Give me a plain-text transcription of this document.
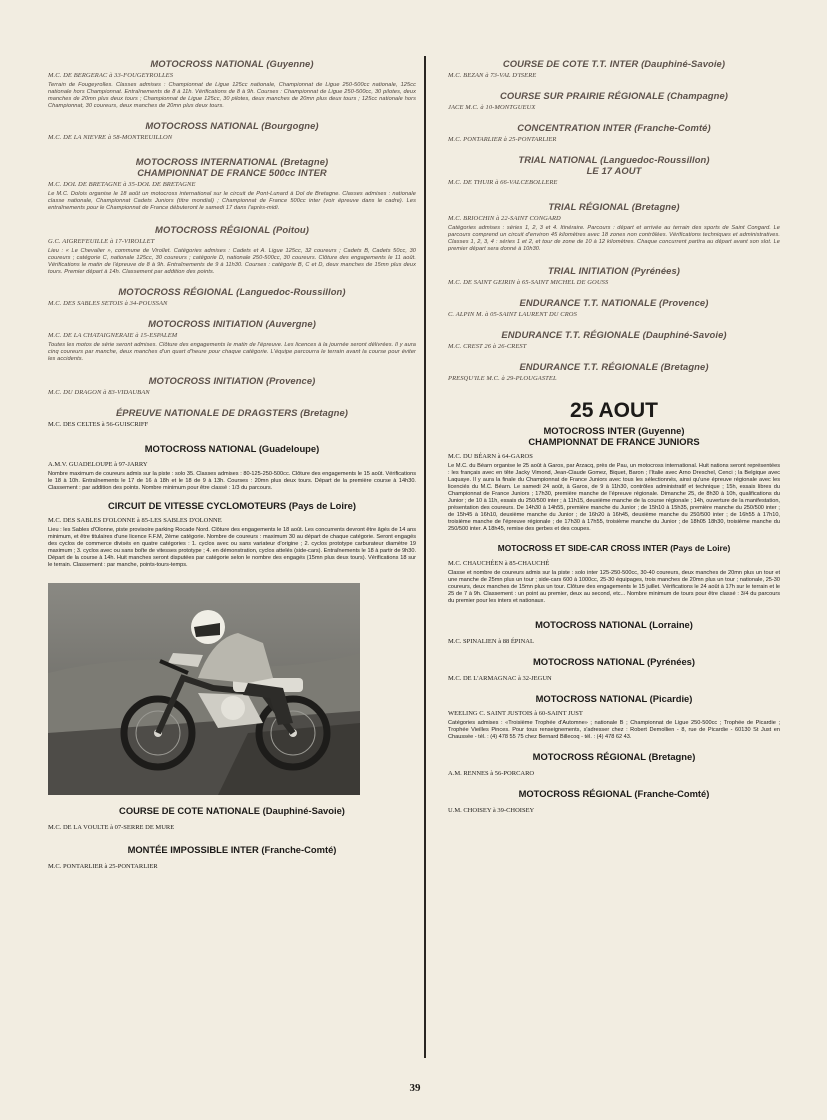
MOTOCROSS NATIONAL (Guyenne)

M.C. DE BERGERAC à 33-FOUGEYROLLES

Terrain de Fougeyrolles. Classes admises : Championnat de Ligue 125cc nationale, Championnat de Ligue 250-500cc nationale, 125cc nationale hors Championnat. Entraînements de 8 à 11h. Vérifications de 8 à 9h. Courses : Championnat de Ligue 250-500cc, 30 pilotes, deux manches de 20mn plus deux tours ; Championnat de Ligue 125cc, 30 pilotes, deux manches de 20mn plus deux tours ; 125cc nationale hors Championnat, 30 coureurs, deux manches de 20mn plus deux tours.

MOTOCROSS NATIONAL (Bourgogne)

M.C. DE LA NIEVRE à 58-MONTREUILLON

MOTOCROSS INTERNATIONAL (Bretagne)

CHAMPIONNAT DE FRANCE 500cc INTER

M.C. DOL DE BRETAGNE à 35-DOL DE BRETAGNE

Le M.C. Dolois organise le 18 août un motocross international sur le circuit de Pont-Lunard à Dol de Bretagne. Classes admises : nationale classe nationale, Championnat Cadets Juniors (titre mondial) ; Championnat de France 500cc inter (voir épreuve dans le cadre). Les entraînements pour le Championnat de France débuteront le samedi 17 dans l'après-midi.

MOTOCROSS RÉGIONAL (Poitou)

G.C. AIGREFEUILLE à 17-VIROLLET

Lieu : « Le Chevalier », commune de Virollet. Catégories admises : Cadets et A. Ligue 125cc, 32 coureurs ; Cadets B, Cadets 50cc, 30 coureurs ; catégorie C, nationale 125cc, 30 coureurs ; catégorie D, nationale 250-500cc, 30 coureurs. Clôture des engagements le 11 août. Vérifications le matin de l'épreuve de 8 à 9h. Entraînements de 9 à 11h30. Courses : catégorie B, C et D, deux manches de 15mn plus deux tours. Premier départ à 14h. Classement par addition des points.

MOTOCROSS RÉGIONAL (Languedoc-Roussillon)

M.C. DES SABLES SETOIS à 34-POUSSAN

MOTOCROSS INITIATION (Auvergne)

M.C. DE LA CHATAIGNERAIE à 15-ESPALEM

Toutes les motos de série seront admises. Clôture des engagements le matin de l'épreuve. Les licences à la journée seront délivrées. Il y aura cinq coureurs par manche, deux manches d'un quart d'heure pour chaque catégorie. L'équipe parcourra le terrain avant la course pour éviter les accidents.

MOTOCROSS INITIATION (Provence)

M.C. DU DRAGON à 83-VIDAUBAN

ÉPREUVE NATIONALE DE DRAGSTERS (Bretagne)

M.C. DES CELTES à 56-GUISCRIFF

MOTOCROSS NATIONAL (Guadeloupe)

A.M.V. GUADELOUPE à 97-JARRY

Nombre maximum de coureurs admis sur la piste : solo 35. Classes admises : 80-125-250-500cc. Clôture des engagements le 15 août. Vérifications le 18 à 10h. Entraînements le 17 de 16 à 18h et le 18 de 9 à 13h. Courses : 20mn plus deux tours. Départ de la première course à 14h30. Classement : par addition des points. Nombre minimum pour être classé : 1/3 du parcours.

CIRCUIT DE VITESSE CYCLOMOTEURS (Pays de Loire)

M.C. DES SABLES D'OLONNE à 85-LES SABLES D'OLONNE

Lieu : les Sables d'Olonne, piste provisoire parking Rocade Nord. Clôture des engagements le 18 août. Les concurrents devront être âgés de 14 ans minimum, et être titulaires d'une licence F.F.M, 2ème catégorie. Nombre de coureurs : maximum 30 au départ de chaque catégorie. Seront engagés des cyclos de commerce divisés en quatre catégories : 1. cyclos avec ou sans variateur d'origine ; 2. cyclos prototype carburateur diamètre 19 maximum ; 3. cyclos avec ou sans boîte de vitesses prototype ; 4. en démonstration, cyclos attelés (side-cars). Entraînements le 18 à partir de 9h30. Départ de la course à 14h. Huit manches seront disputées par catégorie selon le nombre des engagés (15mn plus deux tours). Vérifications 18 sur le terrain. Classement : par manche, points-tours-temps.

COURSE DE COTE NATIONALE (Dauphiné-Savoie)

M.C. DE LA VOULTE à 07-SERRE DE MURE

MONTÉE IMPOSSIBLE INTER (Franche-Comté)

M.C. PONTARLIER à 25-PONTARLIER

COURSE DE COTE T.T. INTER (Dauphiné-Savoie)

M.C. BEZAN à 73-VAL D'ISERE

COURSE SUR PRAIRIE RÉGIONALE (Champagne)

JACE M.C. à 10-MONTGUEUX

CONCENTRATION INTER (Franche-Comté)

M.C. PONTARLIER à 25-PONTARLIER

TRIAL NATIONAL (Languedoc-Roussillon)

LE 17 AOUT

M.C. DE THUIR à 66-VALCEBOLLERE

TRIAL RÉGIONAL (Bretagne)

M.C. BRIOCHIN à 22-SAINT CONGARD

Catégories admises : séries 1, 2, 3 et 4. Itinéraire. Parcours : départ et arrivée au terrain des sports de Saint Congard. Le parcours comprend un circuit d'environ 45 kilomètres avec 18 zones non contrôlées. Vérifications techniques et administratives. Classes 1, 2, 3, 4 : séries 1 et 2, et tour de zone de 10 à 12 kilomètres. Chaque concurrent partira au départ avant son slot. Le premier départ sera donné à 10h30.

TRIAL INITIATION (Pyrénées)

M.C. DE SAINT GEIRIN à 65-SAINT MICHEL DE GOUSS

ENDURANCE T.T. NATIONALE (Provence)

C. ALPIN M. à 05-SAINT LAURENT DU CROS

ENDURANCE T.T. RÉGIONALE (Dauphiné-Savoie)

M.C. CREST 26 à 26-CREST

ENDURANCE T.T. RÉGIONALE (Bretagne)

PRESQU'ILE M.C. à 29-PLOUGASTEL

25 AOUT

MOTOCROSS INTER (Guyenne)

CHAMPIONNAT DE FRANCE JUNIORS

M.C. DU BÉARN à 64-GAROS

Le M.C. du Béarn organise le 25 août à Garos, par Arzacq, près de Pau, un motocross international. Huit nations seront représentées : les français avec en tête Jacky Vimond, Jean-Claude Gomez, Biquet, Baron ; l'Italie avec Arno Dreschel, Cenci ; la Belgique avec Laquaye. Il y aura la finale du Championnat de France Juniors avec tous les sélectionnés, ainsi qu'une épreuve régionale avec les licenciés du M.C. Béarn. Le samedi 24 août, à Garos, de 9 à 11h30, contrôles administratif et technique ; 15h, essais libres du Championnat de France Juniors ; 17h30, première manche de l'épreuve régionale. Dimanche 25, de 8h30 à 10h, qualifications du Junior ; de 10 à 11h, essais du 250/500 inter ; à 11h15, deuxième manche de la course régionale ; 14h, ouverture de la manifestation, présentation des coureurs. De 14h30 à 14h55, première manche du Junior ; de 15h10 à 15h35, première manche du 250/500 inter ; de 15h45 à 16h10, deuxième manche du Junior ; de 16h20 à 16h45, deuxième manche du 250/500 inter ; de 16h55 à 17h10, troisième manche de l'épreuve régionale ; de 17h30 à 17h55, troisième manche du Junior ; de 18h05 18h30, troisième manche du 250/500 inter. A 18h45, remise des gerbes et des coupes.

MOTOCROSS ET SIDE-CAR CROSS INTER (Pays de Loire)

M.C. CHAUCHÉEN à 85-CHAUCHÉ

Classe et nombre de coureurs admis sur la piste : solo inter 125-250-500cc, 30-40 coureurs, deux manches de 20mn plus un tour et une manche de 25mn plus un tour ; side-cars 600 à 1000cc, 25-30 équipages, trois manches de 20mn plus un tour ; nationale, 25-30 coureurs, deux manches de 15mn plus un tour. Clôture des engagements le 15 juillet. Vérifications le 24 août à 17h sur le terrain et le 25 de 7 à 9h. Classement : un point au premier, deux au second, etc... Nombre minimum de tours pour être classé : 3/4 du parcours du premier pour les inters et nationaux.

MOTOCROSS NATIONAL (Lorraine)

M.C. SPINALIEN à 88 ÉPINAL

MOTOCROSS NATIONAL (Pyrénées)

M.C. DE L'ARMAGNAC à 32-JEGUN

MOTOCROSS NATIONAL (Picardie)

WEELING C. SAINT JUSTOIS à 60-SAINT JUST

Catégories admises : «Troisième Trophée d'Automne» ; nationale B ; Championnat de Ligue 250-500cc ; Trophée de Picardie ; Trophée Vieilles Pinces. Pour tous renseignements, s'adresser chez : Robert Demollien - 8, rue de Picardie - 60130 St Just en Chaussée - tél. : (4) 478 55 75 chez Bernard Billecoq - tél. : (4) 478 62 43.

MOTOCROSS RÉGIONAL (Bretagne)

A.M. RENNES à 56-PORCARO

MOTOCROSS RÉGIONAL (Franche-Comté)

U.M. CHOISEY à 39-CHOISEY

39
